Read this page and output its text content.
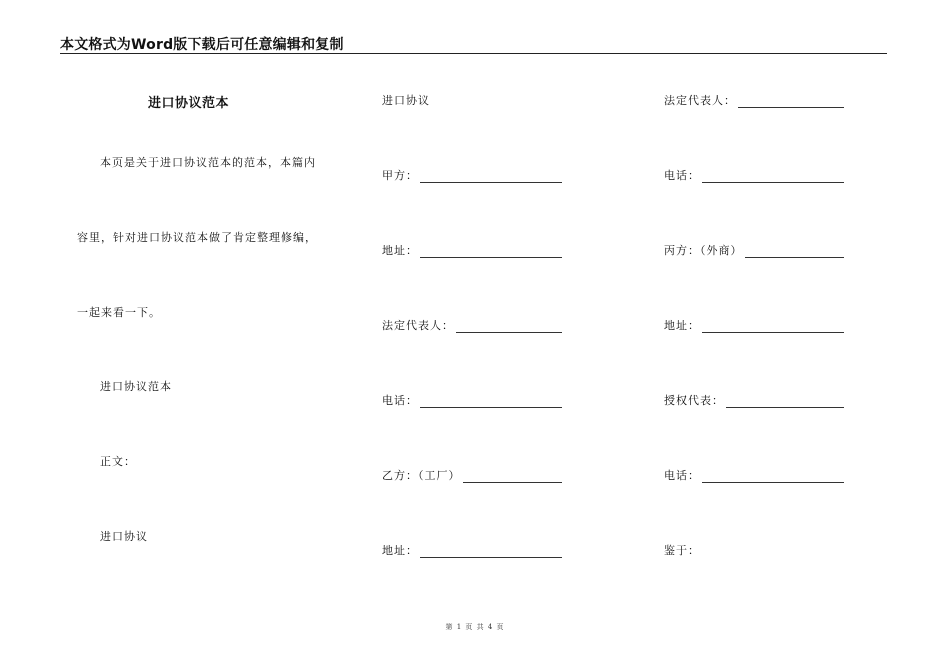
本文格式为Word版下载后可任意编辑和复制
进口协议范本
本页是关于进口协议范本的范本，本篇内
容里，针对进口协议范本做了肯定整理修编，
一起来看一下。
进口协议范本
正文：
进口协议
进口协议
甲方：
地址：
法定代表人：
电话：
乙方：（工厂）
地址：
法定代表人：
电话：
丙方：（外商）
地址：
授权代表：
电话：
鉴于：
第 1 页 共 4 页
